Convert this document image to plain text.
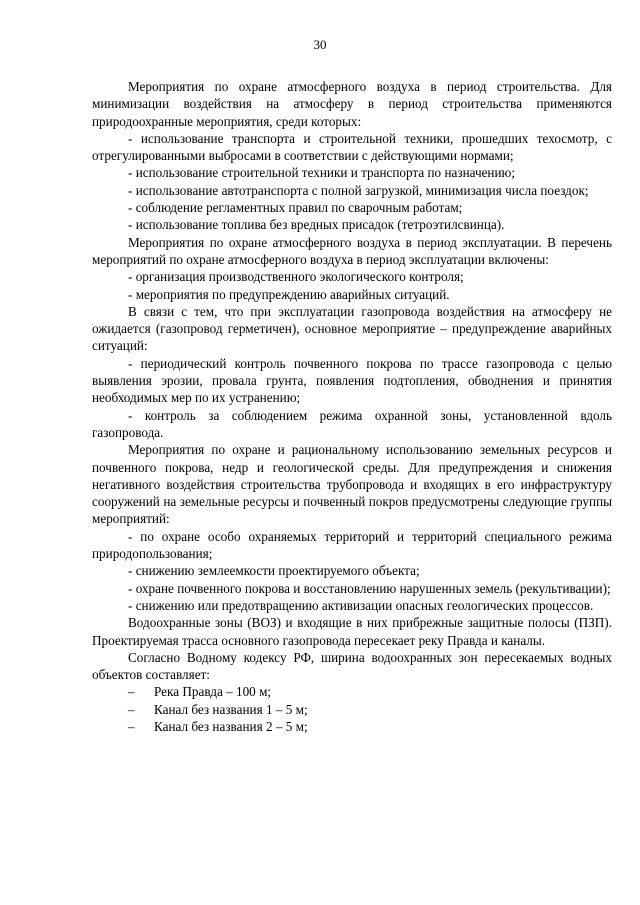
30

Мероприятия по охране атмосферного воздуха в период строительства. Для минимизации воздействия на атмосферу в период строительства применяются природоохранные мероприятия, среди которых:

- использование транспорта и строительной техники, прошедших техосмотр, с отрегулированными выбросами в соответствии с действующими нормами;

- использование строительной техники и транспорта по назначению;

- использование автотранспорта с полной загрузкой, минимизация числа поездок;

- соблюдение регламентных правил по сварочным работам;

- использование топлива без вредных присадок (тетроэтилсвинца).

Мероприятия по охране атмосферного воздуха в период эксплуатации. В перечень мероприятий по охране атмосферного воздуха в период эксплуатации включены:

- организация производственного экологического контроля;

- мероприятия по предупреждению аварийных ситуаций.

В связи с тем, что при эксплуатации газопровода воздействия на атмосферу не ожидается (газопровод герметичен), основное мероприятие – предупреждение аварийных ситуаций:

- периодический контроль почвенного покрова по трассе газопровода с целью выявления эрозии, провала грунта, появления подтопления, обводнения и принятия необходимых мер по их устранению;

- контроль за соблюдением режима охранной зоны, установленной вдоль газопровода.

Мероприятия по охране и рациональному использованию земельных ресурсов и почвенного покрова, недр и геологической среды. Для предупреждения и снижения негативного воздействия строительства трубопровода и входящих в его инфраструктуру сооружений на земельные ресурсы и почвенный покров предусмотрены следующие группы мероприятий:

- по охране особо охраняемых территорий и территорий специального режима природопользования;

- снижению землеемкости проектируемого объекта;

- охране почвенного покрова и восстановлению нарушенных земель (рекультивации);

- снижению или предотвращению активизации опасных геологических процессов.

Водоохранные зоны (ВОЗ) и входящие в них прибрежные защитные полосы (ПЗП). Проектируемая трасса основного газопровода пересекает реку Правда и каналы.

Согласно Водному кодексу РФ, ширина водоохранных зон пересекаемых водных объектов составляет:

– Река Правда – 100 м;
– Канал без названия 1 – 5 м;
– Канал без названия 2 – 5 м;
